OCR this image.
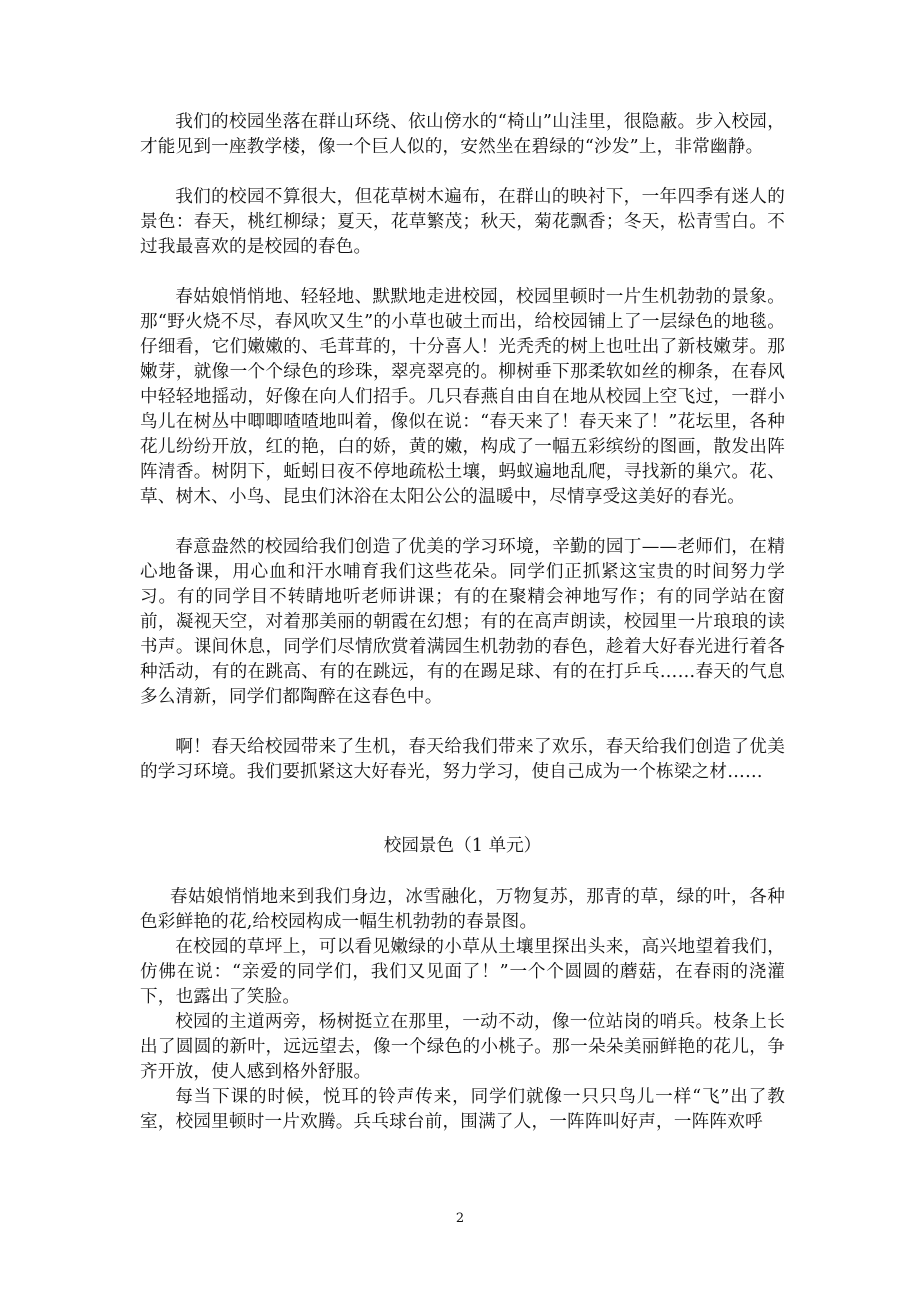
我们的校园坐落在群山环绕、依山傍水的“椅山”山洼里，很隐蔽。步入校园，才能见到一座教学楼，像一个巨人似的，安然坐在碧绿的“沙发”上，非常幽静。

我们的校园不算很大，但花草树木遍布，在群山的映衬下，一年四季有迷人的景色：春天，桃红柳绿；夏天，花草繁茂；秋天，菊花飘香；冬天，松青雪白。不过我最喜欢的是校园的春色。

春姑娘悄悄地、轻轻地、默默地走进校园，校园里顿时一片生机勃勃的景象。那“野火烧不尽，春风吹又生”的小草也破土而出，给校园铺上了一层绿色的地毯。仔细看，它们嫩嫩的、毛茸茸的，十分喜人！光秃秃的树上也吐出了新枝嫩芽。那嫩芽，就像一个个绿色的珍珠，翠亮翠亮的。柳树垂下那柔软如丝的柳条，在春风中轻轻地摇动，好像在向人们招手。几只春燕自由自在地从校园上空飞过，一群小鸟儿在树丛中唧唧喳喳地叫着，像似在说：“春天来了！春天来了！”花坛里，各种花儿纷纷开放，红的艳，白的娇，黄的嫩，构成了一幅五彩缤纷的图画，散发出阵阵清香。树阴下，蚯蚓日夜不停地疏松土壤，蚂蚁遍地乱爬，寻找新的巢穴。花、草、树木、小鸟、昆虫们沐浴在太阳公公的温暖中，尽情享受这美好的春光。

春意盎然的校园给我们创造了优美的学习环境，辛勤的园丁——老师们，在精心地备课，用心血和汗水哺育我们这些花朵。同学们正抓紧这宝贵的时间努力学习。有的同学目不转睛地听老师讲课；有的在聚精会神地写作；有的同学站在窗前，凝视天空，对着那美丽的朝霞在幻想；有的在高声朗读，校园里一片琅琅的读书声。课间休息，同学们尽情欣赏着满园生机勃勃的春色，趁着大好春光进行着各种活动，有的在跳高、有的在跳远，有的在踢足球、有的在打乒乓……春天的气息多么清新，同学们都陶醉在这春色中。

啊！春天给校园带来了生机，春天给我们带来了欢乐，春天给我们创造了优美的学习环境。我们要抓紧这大好春光，努力学习，使自己成为一个栋梁之材……

校园景色（1 单元）

春姑娘悄悄地来到我们身边，冰雪融化，万物复苏，那青的草，绿的叶，各种色彩鲜艳的花,给校园构成一幅生机勃勃的春景图。

在校园的草坪上，可以看见嫩绿的小草从土壤里探出头来，高兴地望着我们，仿佛在说：“亲爱的同学们，我们又见面了！”一个个圆圆的蘑菇，在春雨的浇灌下，也露出了笑脸。

校园的主道两旁，杨树挺立在那里，一动不动，像一位站岗的哨兵。枝条上长出了圆圆的新叶，远远望去，像一个绿色的小桃子。那一朵朵美丽鲜艳的花儿，争齐开放，使人感到格外舒服。

每当下课的时候，悦耳的铃声传来，同学们就像一只只鸟儿一样“飞”出了教室，校园里顿时一片欢腾。兵乓球台前，围满了人，一阵阵叫好声，一阵阵欢呼

2
